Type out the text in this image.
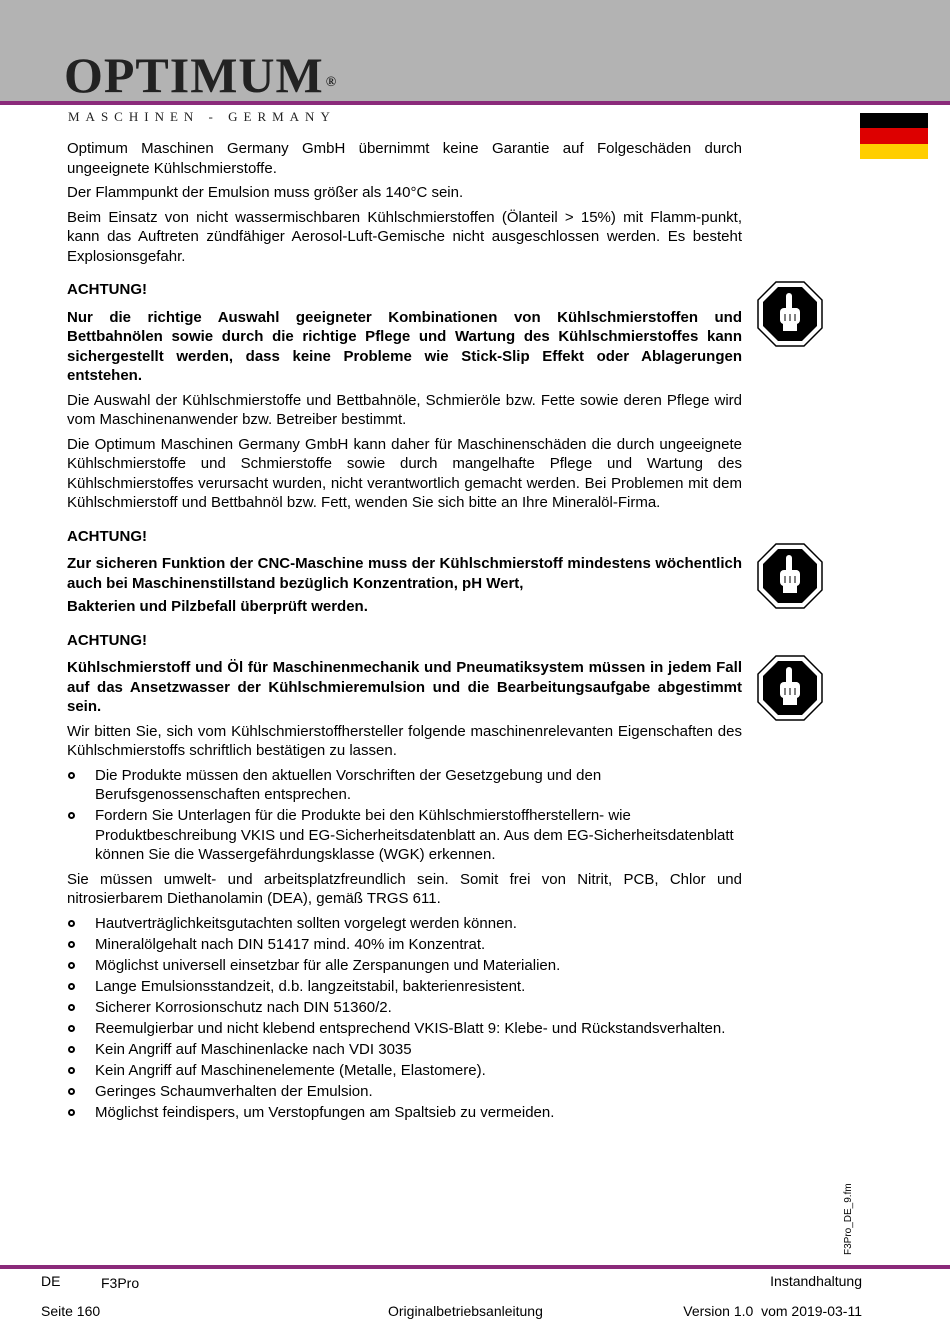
OPTIMUM ®
MASCHINEN - GERMANY

Optimum Maschinen Germany GmbH übernimmt keine Garantie auf Folgeschäden durch ungeeignete Kühlschmierstoffe.

Der Flammpunkt der Emulsion muss größer als 140°C sein.

Beim Einsatz von nicht wassermischbaren Kühlschmierstoffen (Ölanteil > 15%) mit Flamm-punkt, kann das Auftreten zündfähiger Aerosol-Luft-Gemische nicht ausgeschlossen werden. Es besteht Explosionsgefahr.

ACHTUNG!

Nur die richtige Auswahl geeigneter Kombinationen von Kühlschmierstoffen und Bettbahnölen sowie durch die richtige Pflege und Wartung des Kühlschmierstoffes kann sichergestellt werden, dass keine Probleme wie Stick-Slip Effekt oder Ablagerungen entstehen.

Die Auswahl der Kühlschmierstoffe und Bettbahnöle, Schmieröle bzw. Fette sowie deren Pflege wird vom Maschinenanwender bzw. Betreiber bestimmt.

Die Optimum Maschinen Germany GmbH kann daher für Maschinenschäden die durch ungeeignete Kühlschmierstoffe und Schmierstoffe sowie durch mangelhafte Pflege und Wartung des Kühlschmierstoffes verursacht wurden, nicht verantwortlich gemacht werden. Bei Problemen mit dem Kühlschmierstoff und Bettbahnöl bzw. Fett, wenden Sie sich bitte an Ihre Mineralöl-Firma.

ACHTUNG!

Zur sicheren Funktion der CNC-Maschine muss der Kühlschmierstoff mindestens wöchentlich auch bei Maschinenstillstand bezüglich Konzentration, pH Wert,

Bakterien und Pilzbefall überprüft werden.

ACHTUNG!

Kühlschmierstoff und Öl für Maschinenmechanik und Pneumatiksystem müssen in jedem Fall auf das Ansetzwasser der Kühlschmieremulsion und die Bearbeitungsaufgabe abgestimmt sein.

Wir bitten Sie, sich vom Kühlschmierstoffhersteller folgende maschinenrelevanten Eigenschaften des Kühlschmierstoffs schriftlich bestätigen zu lassen.

Die Produkte müssen den aktuellen Vorschriften der Gesetzgebung und den Berufsgenossenschaften entsprechen.
Fordern Sie Unterlagen für die Produkte bei den Kühlschmierstoffherstellern- wie Produktbeschreibung VKIS und EG-Sicherheitsdatenblatt an. Aus dem EG-Sicherheitsdatenblatt können Sie die Wassergefährdungsklasse (WGK) erkennen.

Sie müssen umwelt- und arbeitsplatzfreundlich sein. Somit frei von Nitrit, PCB, Chlor und nitrosierbarem Diethanolamin (DEA), gemäß TRGS 611.

Hautverträglichkeitsgutachten sollten vorgelegt werden können.
Mineralölgehalt nach DIN 51417 mind. 40% im Konzentrat.
Möglichst universell einsetzbar für alle Zerspanungen und Materialien.
Lange Emulsionsstandzeit, d.b. langzeitstabil, bakterienresistent.
Sicherer Korrosionschutz nach DIN 51360/2.
Reemulgierbar und nicht klebend entsprechend VKIS-Blatt 9: Klebe- und Rückstandsverhalten.
Kein Angriff auf Maschinenlacke nach VDI 3035
Kein Angriff auf Maschinenelemente (Metalle, Elastomere).
Geringes Schaumverhalten der Emulsion.
Möglichst feindispers, um Verstopfungen am Spaltsieb zu vermeiden.
F3Pro_DE_9.fm
DE	F3Pro	Instandhaltung
Seite 160	Originalbetriebsanleitung	Version 1.0  vom 2019-03-11
